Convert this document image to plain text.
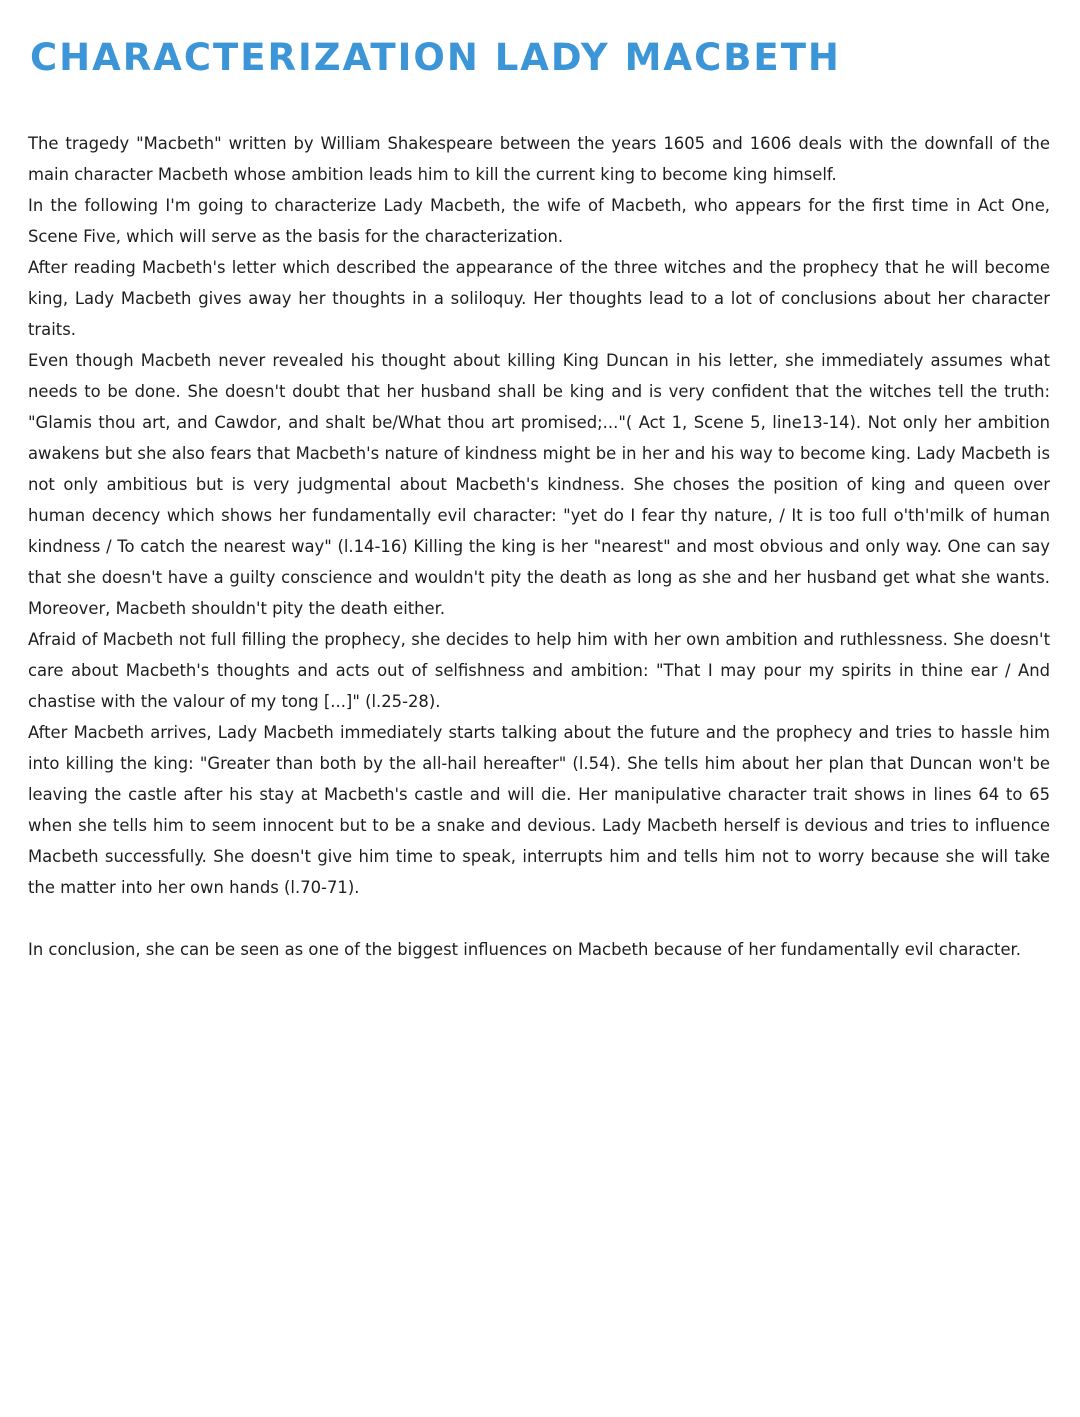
CHARACTERIZATION LADY MACBETH

The tragedy "Macbeth" written by William Shakespeare between the years 1605 and 1606 deals with the downfall of the main character Macbeth whose ambition leads him to kill the current king to become king himself.

In the following I'm going to characterize Lady Macbeth, the wife of Macbeth, who appears for the first time in Act One, Scene Five, which will serve as the basis for the characterization.

After reading Macbeth's letter which described the appearance of the three witches and the prophecy that he will become king, Lady Macbeth gives away her thoughts in a soliloquy. Her thoughts lead to a lot of conclusions about her character traits.

Even though Macbeth never revealed his thought about killing King Duncan in his letter, she immediately assumes what needs to be done. She doesn't doubt that her husband shall be king and is very confident that the witches tell the truth: "Glamis thou art, and Cawdor, and shalt be/What thou art promised;..."( Act 1, Scene 5, line13-14). Not only her ambition awakens but she also fears that Macbeth's nature of kindness might be in her and his way to become king. Lady Macbeth is not only ambitious but is very judgmental about Macbeth's kindness. She choses the position of king and queen over human decency which shows her fundamentally evil character: "yet do I fear thy nature, / It is too full o'th'milk of human kindness / To catch the nearest way" (l.14-16) Killing the king is her "nearest" and most obvious and only way. One can say that she doesn't have a guilty conscience and wouldn't pity the death as long as she and her husband get what she wants. Moreover, Macbeth shouldn't pity the death either.

Afraid of Macbeth not full filling the prophecy, she decides to help him with her own ambition and ruthlessness. She doesn't care about Macbeth's thoughts and acts out of selfishness and ambition: "That I may pour my spirits in thine ear / And chastise with the valour of my tong [...]" (l.25-28).

After Macbeth arrives, Lady Macbeth immediately starts talking about the future and the prophecy and tries to hassle him into killing the king: "Greater than both by the all-hail hereafter" (l.54). She tells him about her plan that Duncan won't be leaving the castle after his stay at Macbeth's castle and will die. Her manipulative character trait shows in lines 64 to 65 when she tells him to seem innocent but to be a snake and devious. Lady Macbeth herself is devious and tries to influence Macbeth successfully. She doesn't give him time to speak, interrupts him and tells him not to worry because she will take the matter into her own hands (l.70-71).

In conclusion, she can be seen as one of the biggest influences on Macbeth because of her fundamentally evil character.
